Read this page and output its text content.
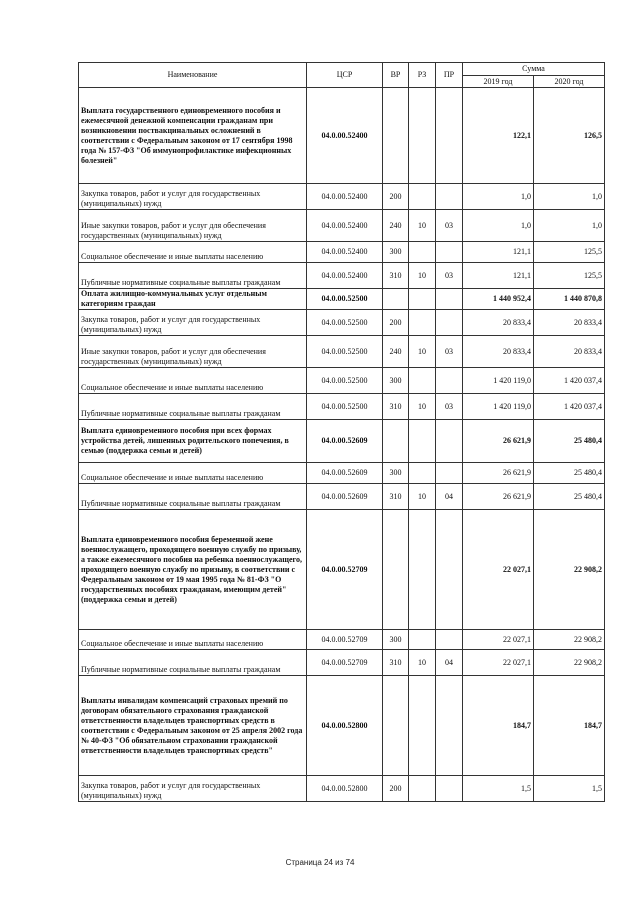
Наименование	ЦСР	ВР	РЗ	ПР	Сумма	
					2019 год	2020 год
Выплата государственного единовременного пособия и ежемесячной денежной компенсации гражданам при возникновении поствакцинальных осложнений в соответствии с Федеральным законом от 17 сентября 1998 года № 157-ФЗ "Об иммунопрофилактике инфекционных болезней"	04.0.00.52400				122,1	126,5
Закупка товаров, работ и услуг для государственных (муниципальных) нужд	04.0.00.52400	200			1,0	1,0
Иные закупки товаров, работ и услуг для обеспечения государственных (муниципальных) нужд	04.0.00.52400	240	10	03	1,0	1,0
Социальное обеспечение и иные выплаты населению	04.0.00.52400	300			121,1	125,5
Публичные нормативные социальные выплаты гражданам	04.0.00.52400	310	10	03	121,1	125,5
Оплата жилищно-коммунальных услуг отдельным категориям граждан	04.0.00.52500				1 440 952,4	1 440 870,8
Закупка товаров, работ и услуг для государственных (муниципальных) нужд	04.0.00.52500	200			20 833,4	20 833,4
Иные закупки товаров, работ и услуг для обеспечения государственных (муниципальных) нужд	04.0.00.52500	240	10	03	20 833,4	20 833,4
Социальное обеспечение и иные выплаты населению	04.0.00.52500	300			1 420 119,0	1 420 037,4
Публичные нормативные социальные выплаты гражданам	04.0.00.52500	310	10	03	1 420 119,0	1 420 037,4
Выплата единовременного пособия при всех формах устройства детей, лишенных родительского попечения, в семью (поддержка семьи и детей)	04.0.00.52609				26 621,9	25 480,4
Социальное обеспечение и иные выплаты населению	04.0.00.52609	300			26 621,9	25 480,4
Публичные нормативные социальные выплаты гражданам	04.0.00.52609	310	10	04	26 621,9	25 480,4
Выплата единовременного пособия беременной жене военнослужащего, проходящего военную службу по призыву, а также ежемесячного пособия на ребенка военнослужащего, проходящего военную службу по призыву, в соответствии с Федеральным законом от 19 мая 1995 года № 81-ФЗ "О государственных пособиях гражданам, имеющим детей" (поддержка семьи и детей)	04.0.00.52709				22 027,1	22 908,2
Социальное обеспечение и иные выплаты населению	04.0.00.52709	300			22 027,1	22 908,2
Публичные нормативные социальные выплаты гражданам	04.0.00.52709	310	10	04	22 027,1	22 908,2
Выплаты инвалидам компенсаций страховых премий по договорам обязательного страхования гражданской ответственности владельцев транспортных средств в соответствии с Федеральным законом от 25 апреля 2002 года № 40-ФЗ "Об обязательном страховании гражданской ответственности владельцев транспортных средств"	04.0.00.52800				184,7	184,7
Закупка товаров, работ и услуг для государственных (муниципальных) нужд	04.0.00.52800	200			1,5	1,5
Страница 24 из 74
